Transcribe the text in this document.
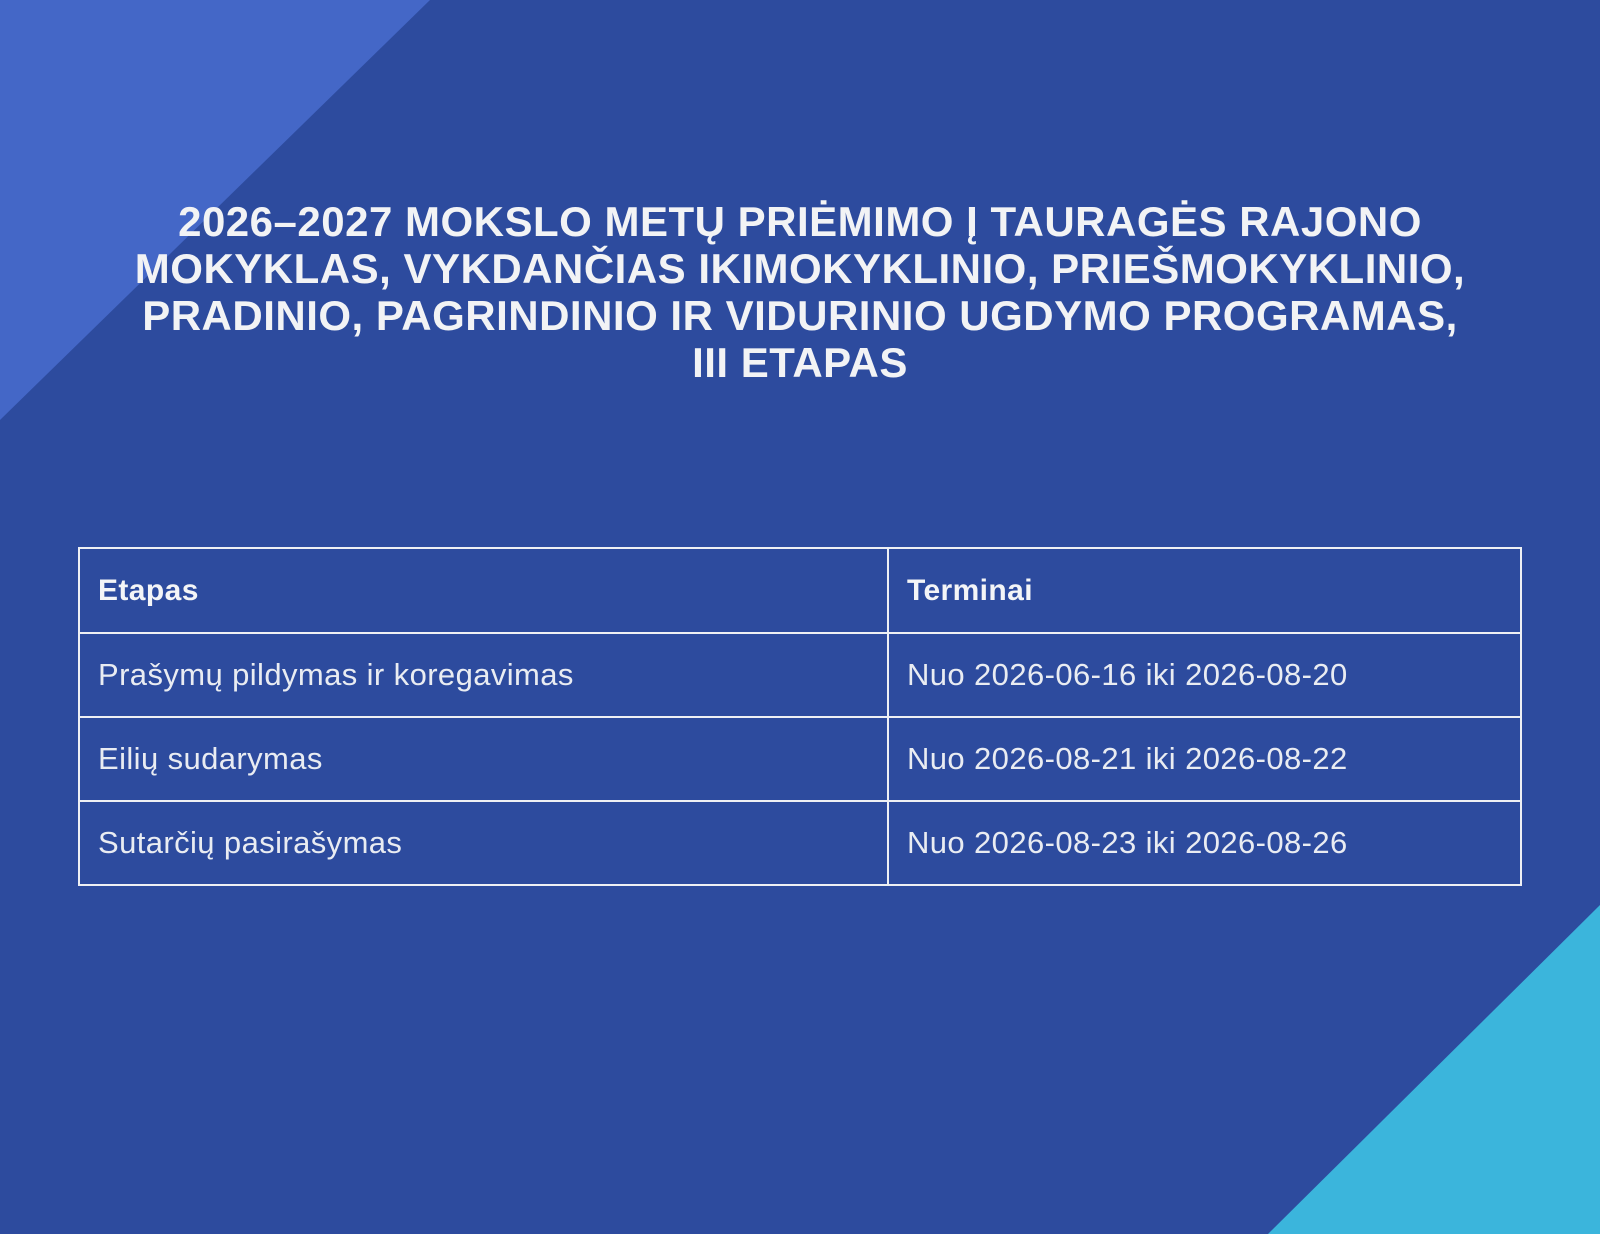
2026–2027 MOKSLO METŲ PRIĖMIMO Į TAURAGĖS RAJONO
MOKYKLAS, VYKDANČIAS IKIMOKYKLINIO, PRIEŠMOKYKLINIO,
PRADINIO, PAGRINDINIO IR VIDURINIO UGDYMO PROGRAMAS,
III ETAPAS
Etapas	Terminai
Prašymų pildymas ir koregavimas	Nuo 2026-06-16 iki 2026-08-20
Eilių sudarymas	Nuo 2026-08-21 iki 2026-08-22
Sutarčių pasirašymas	Nuo 2026-08-23 iki 2026-08-26
